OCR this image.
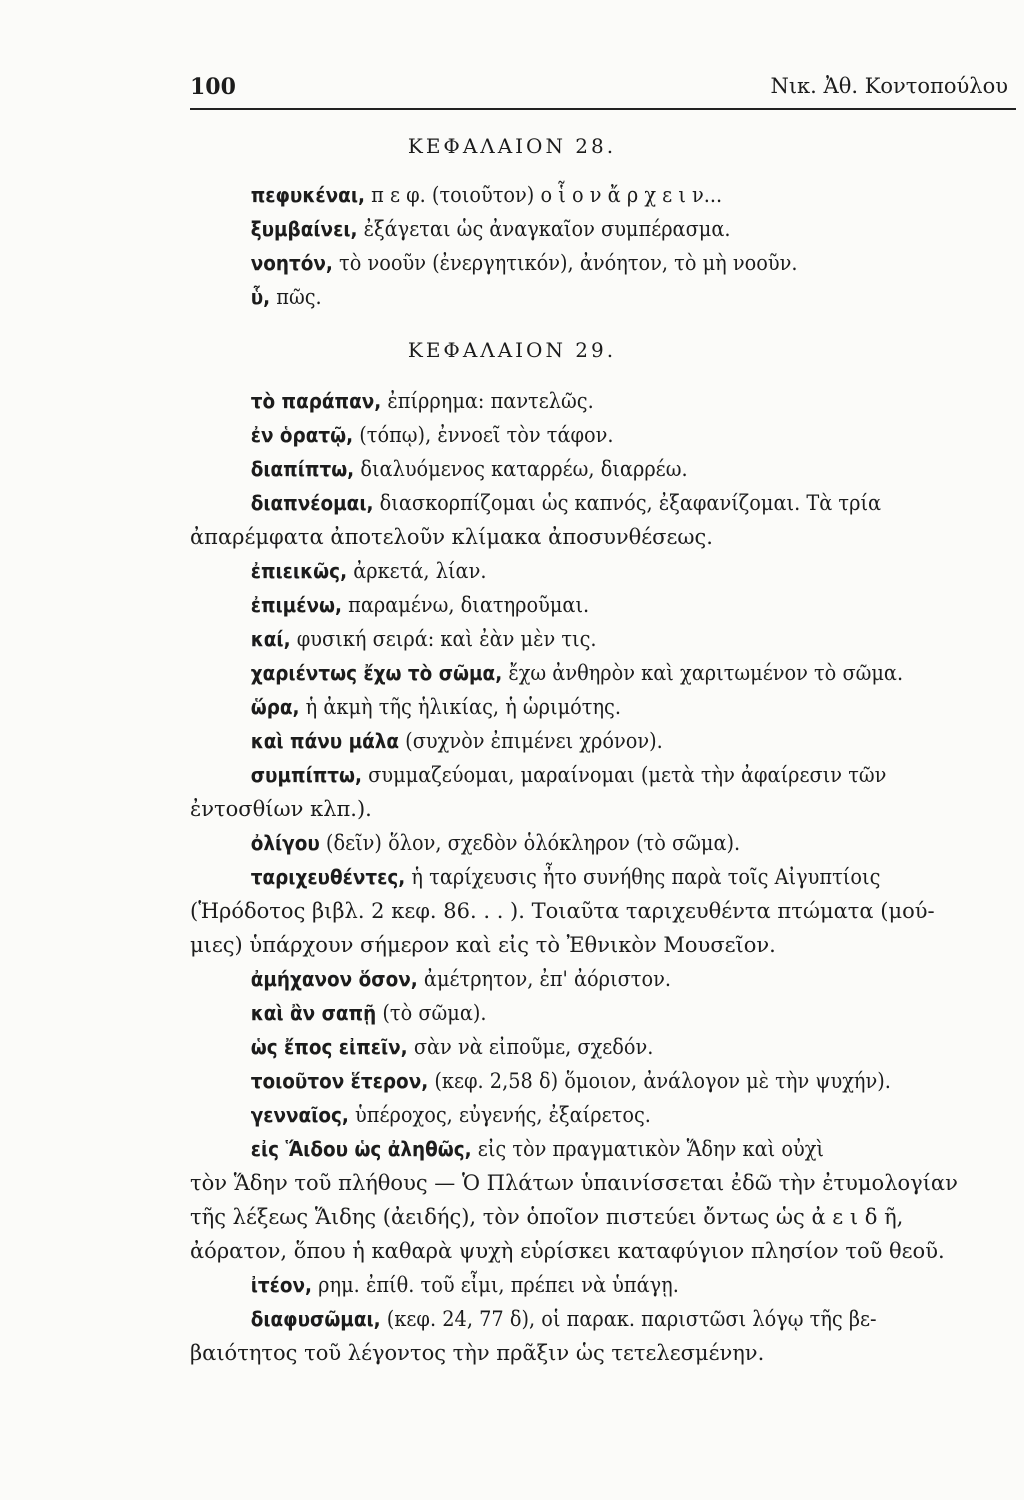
100	Νικ. Ἀθ. Κοντοπούλου
ΚΕΦΑΛΑΙΟΝ 28.
ΚΕΦΑΛΑΙΟΝ 29.
πεφυκέναι, π ε φ. (τοιοῦτον) ο ἷ ο ν ἄ ρ χ ε ι ν...
ξυμβαίνει, ἐξάγεται ὡς ἀναγκαῖον συμπέρασμα.
νοητόν, τὸ νοοῦν (ἐνεργητικόν), ἀνόητον, τὸ μὴ νοοῦν.
ὗ, πῶς.
τὸ παράπαν, ἐπίρρημα: παντελῶς.
ἐν ὁρατῷ, (τόπῳ), ἐννοεῖ τὸν τάφον.
διαπίπτω, διαλυόμενος καταρρέω, διαρρέω.
διαπνέομαι, διασκορπίζομαι ὡς καπνός, ἐξαφανίζομαι. Τὰ τρία
ἀπαρέμφατα ἀποτελοῦν κλίμακα ἀποσυνθέσεως.
ἐπιεικῶς, ἀρκετά, λίαν.
ἐπιμένω, παραμένω, διατηροῦμαι.
καί, φυσική σειρά: καὶ ἐὰν μὲν τις.
χαριέντως ἔχω τὸ σῶμα, ἔχω ἀνθηρὸν καὶ χαριτωμένον τὸ σῶμα.
ὥρα, ἡ ἀκμὴ τῆς ἡλικίας, ἡ ὡριμότης.
καὶ πάνυ μάλα (συχνὸν ἐπιμένει χρόνον).
συμπίπτω, συμμαζεύομαι, μαραίνομαι (μετὰ τὴν ἀφαίρεσιν τῶν
ἐντοσθίων κλπ.).
ὀλίγου (δεῖν) ὅλον, σχεδὸν ὁλόκληρον (τὸ σῶμα).
ταριχευθέντες, ἡ ταρίχευσις ἦτο συνήθης παρὰ τοῖς Αἰγυπτίοις
(Ἡρόδοτος βιβλ. 2 κεφ. 86. . . ). Τοιαῦτα ταριχευθέντα πτώματα (μού-
μιες) ὑπάρχουν σήμερον καὶ εἰς τὸ Ἐθνικὸν Μουσεῖον.
ἀμήχανον ὅσον, ἀμέτρητον, ἐπ' ἀόριστον.
καὶ ἂν σαπῇ (τὸ σῶμα).
ὡς ἔπος εἰπεῖν, σὰν νὰ εἰποῦμε, σχεδόν.
τοιοῦτον ἕτερον, (κεφ. 2,58 δ) ὅμοιον, ἀνάλογον μὲ τὴν ψυχήν).
γενναῖος, ὑπέροχος, εὐγενής, ἐξαίρετος.
εἰς Ἅιδου ὡς ἀληθῶς, εἰς τὸν πραγματικὸν Ἅδην καὶ οὐχὶ
τὸν Ἅδην τοῦ πλήθους — Ὁ Πλάτων ὑπαινίσσεται ἐδῶ τὴν ἐτυμολογίαν
τῆς λέξεως Ἅιδης (ἀειδής), τὸν ὁποῖον πιστεύει ὄντως ὡς ἀ ε ι δ ῆ,
ἀόρατον, ὅπου ἡ καθαρὰ ψυχὴ εὑρίσκει καταφύγιον πλησίον τοῦ θεοῦ.
ἰτέον, ρημ. ἐπίθ. τοῦ εἶμι, πρέπει νὰ ὑπάγῃ.
διαφυσῶμαι, (κεφ. 24, 77 δ), οἱ παρακ. παριστῶσι λόγῳ τῆς βε-
βαιότητος τοῦ λέγοντος τὴν πρᾶξιν ὡς τετελεσμένην.
